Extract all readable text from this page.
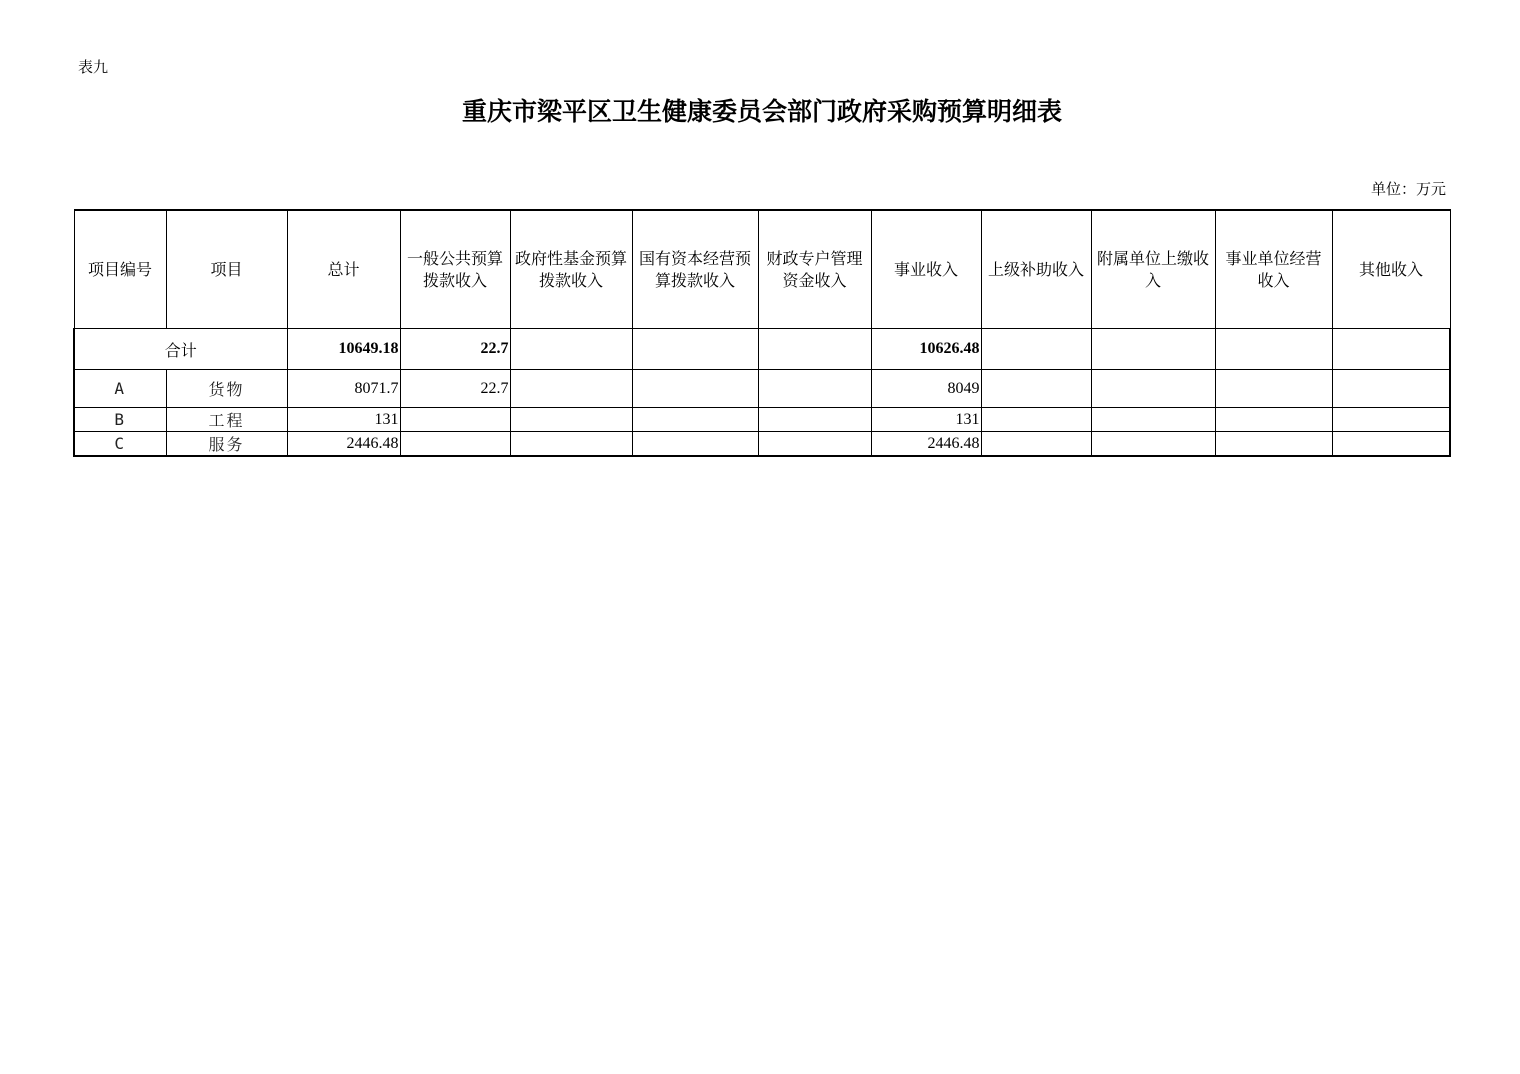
表九
重庆市梁平区卫生健康委员会部门政府采购预算明细表
单位：万元
项目编号	项目	总计	一般公共预算拨款收入	政府性基金预算拨款收入	国有资本经营预算拨款收入	财政专户管理资金收入	事业收入	上级补助收入	附属单位上缴收入	事业单位经营收入	其他收入
合计		10649.18	22.7				10626.48				
A	货物	8071.7	22.7				8049				
B	工程	131					131				
C	服务	2446.48					2446.48				
